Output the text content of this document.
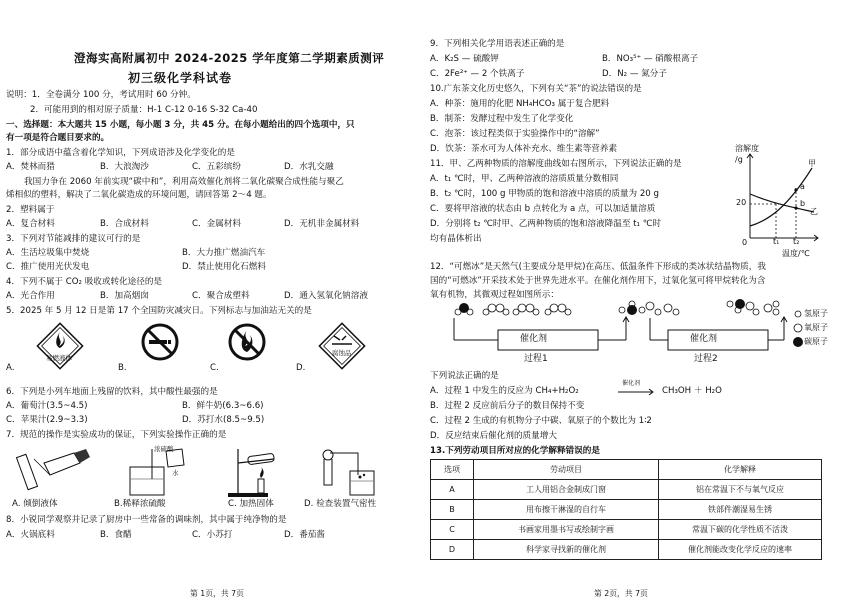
澄海实高附属初中 2024-2025 学年度第二学期素质测评
初三级化学科试卷
说明：1．全卷满分 100 分，考试用时 60 分钟。
2．可能用到的相对原子质量：H-1 C-12 0-16 S-32 Ca-40
一、选择题：本大题共 15 小题，每小题 3 分，共 45 分。在每小题给出的四个选项中，只
有一项是符合题目要求的。
1．部分成语中蕴含着化学知识，下列成语涉及化学变化的是
A．焚林而猎	B．大浪淘沙	C．五彩缤纷	D．水乳交融
我国力争在 2060 年前实现“碳中和”，利用高效催化剂将二氧化碳聚合成性能与聚乙
烯相似的塑料，解决了二氧化碳造成的环境问题，请回答第 2～4 题。
2．塑料属于
A．复合材料	B．合成材料	C．金属材料	D．无机非金属材料
3．下列对节能减排的建议可行的是
A．生活垃圾集中焚烧	B．大力推广燃油汽车
C．推广使用光伏发电	D．禁止使用化石燃料
4．下列不属于 CO₂ 吸收或转化途径的是
A．光合作用	B．加高烟囱	C．聚合成塑料	D．通入氢氧化钠溶液
5．2025 年 5 月 12 日是第 17 个全国防灾减灾日。下列标志与加油站无关的是
易燃液体
腐蚀品
A.	B.	C.	D.
6．下列是小列车地面上残留的饮料，其中酸性最强的是
A．葡萄汁(3.5~4.5)	B．鲜牛奶(6.3~6.6)
C．苹果汁(2.9~3.3)	D．苏打水(8.5~9.5)
7．规范的操作是实验成功的保证，下列实验操作正确的是
浓硫酸
水
A. 倾倒液体	B.稀释浓硫酸	C. 加热固体	D. 检查装置气密性
8．小锐同学观察并记录了厨房中一些常备的调味剂，其中属于纯净物的是
A．火锅底料	B．食醋	C．小苏打	D．番茄酱
第 1页，共 7页
9．下列相关化学用语表述正确的是
A．K₂S — 硫酸钾	B．NO₃⁵⁺ — 硝酸根离子
C．2Fe²⁺ — 2 个铁离子	D．N₂ — 氮分子
10.广东茶文化历史悠久，下列有关“茶”的说法错误的是
A．种茶：施用的化肥 NH₄HCO₃ 属于复合肥料
B．制茶：发酵过程中发生了化学变化
C．泡茶：该过程类似于实验操作中的“溶解”
D．饮茶：茶水可为人体补充水、维生素等营养素
11．甲、乙两种物质的溶解度曲线如右图所示，下列说法正确的是
A．t₁ ℃时，甲、乙两种溶液的溶质质量分数相同
B．t₂ ℃时，100 g 甲物质的饱和溶液中溶质的质量为 20 g
C．要将甲溶液的状态由 b 点转化为 a 点，可以加适量溶质
D．分别将 t₂ ℃时甲、乙两种物质的饱和溶液降温至 t₁ ℃时
均有晶体析出
溶解度
/g	甲
乙
a
b
20
0	t₁ t₂
温度/℃
12．“可燃冰”是天然气(主要成分是甲烷)在高压、低温条件下形成的类冰状结晶物质，我
国的“可燃冰”开采技术处于世界先进水平。在催化剂作用下，过氧化氢可将甲烷转化为含
氧有机物，其微观过程如图所示：
催化剂	催化剂
过程1	过程2
氢原子
氧原子
碳原子
下列说法正确的是
A．过程 1 中发生的反应为 CH₄+H₂O₂
催化剂
CH₃OH ＋ H₂O
B．过程 2 反应前后分子的数目保持不变
C．过程 2 生成的有机物分子中碳、氧原子的个数比为 1∶2
D．反应结束后催化剂的质量增大
13.下列劳动项目所对应的化学解释错误的是
选项	劳动项目	化学解释
A	工人用铝合金制成门窗	铝在常温下不与氧气反应
B	用布擦干淋湿的自行车	铁部件潮湿易生锈
C	书画家用墨书写或绘制字画	常温下碳的化学性质不活泼
D	科学家寻找新的催化剂	催化剂能改变化学反应的速率
第 2页，共 7页
